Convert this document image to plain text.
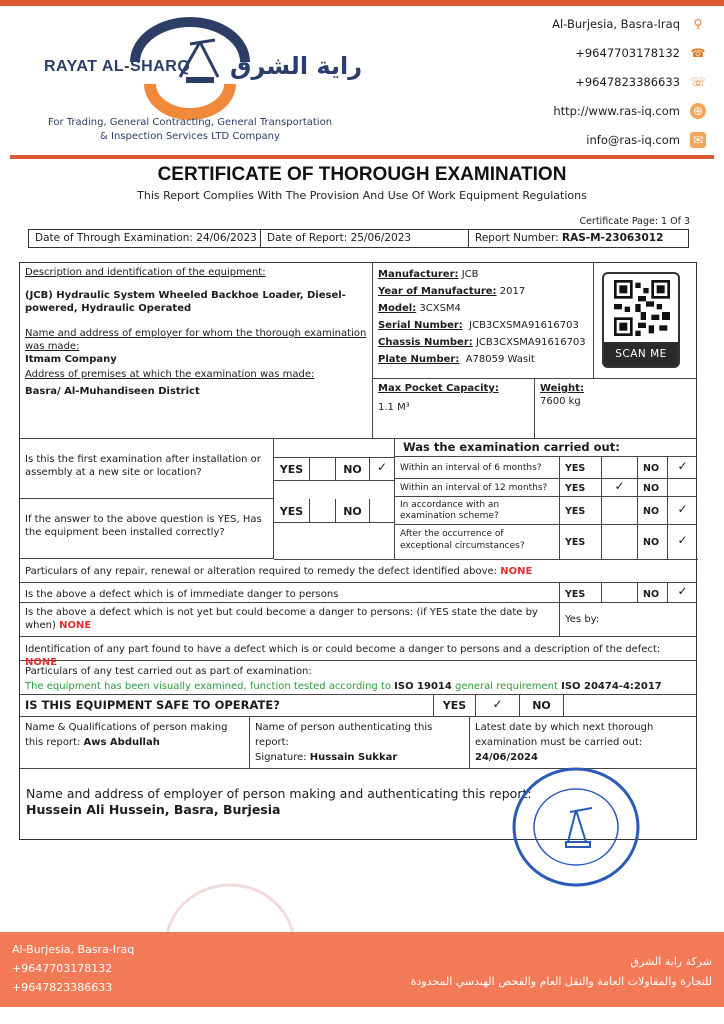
RAYAT AL-SHARQ راية الشرق
For Trading, General Contracting, General Transportation
& Inspection Services LTD Company
Al-Burjesia, Basra-Iraq ⚲
+9647703178132 ☎
+9647823386633 ☏
http://www.ras-iq.com ⊕
info@ras-iq.com ✉
CERTIFICATE OF THOROUGH EXAMINATION
This Report Complies With The Provision And Use Of Work Equipment Regulations
Certificate Page: 1 Of 3
Date of Through Examination: 24/06/2023 Date of Report: 25/06/2023	Report Number: RAS-M-23063012
Description and identification of the equipment:
(JCB) Hydraulic System Wheeled Backhoe Loader, Diesel-powered, Hydraulic Operated
Name and address of employer for whom the thorough examination was made:
Itmam Company
Address of premises at which the examination was made:
Basra/ Al-Muhandiseen District
Manufacturer: JCB
Year of Manufacture: 2017
Model: 3CXSM4
Serial Number: JCB3CXSMA91616703
Chassis Number: JCB3CXSMA91616703
Plate Number: A78059 Wasit
Max Pocket Capacity:
1.1 M³
Weight:
7600 kg
Is this the first examination after installation or assembly at a new site or location?	YES	NO	✓
If the answer to the above question is YES, Has the equipment been installed correctly?
YES	NO
Was the examination carried out:
Within an interval of 6 months?	YES	NO	✓
Within an interval of 12 months?	YES	✓	NO
In accordance with an examination scheme?	YES	NO	✓
After the occurrence of exceptional circumstances?	YES	NO	✓
Particulars of any repair, renewal or alteration required to remedy the defect identified above: NONE
Is the above a defect which is of immediate danger to persons	YES	NO	✓
Is the above a defect which is not yet but could become a danger to persons: (if YES state the date by when) NONE
Yes by:
Identification of any part found to have a defect which is or could become a danger to persons and a description of the defect: NONE
Particulars of any test carried out as part of examination:
The equipment has been visually examined, function tested according to ISO 19014 general requirement ISO 20474-4:2017
IS THIS EQUIPMENT SAFE TO OPERATE?	YES	✓	NO
Name & Qualifications of person making this report: Aws Abdullah
Name of person authenticating this report:
Signature: Hussain Sukkar
Latest date by which next thorough examination must be carried out:
24/06/2024
Name and address of employer of person making and authenticating this report:
Hussein Ali Hussein, Basra, Burjesia
SCAN ME
Al-Burjesia, Basra-Iraq
+9647703178132
+9647823386633
شركة راية الشرق
للتجارة والمقاولات العامة والنقل العام والفحص الهندسي المحدودة
